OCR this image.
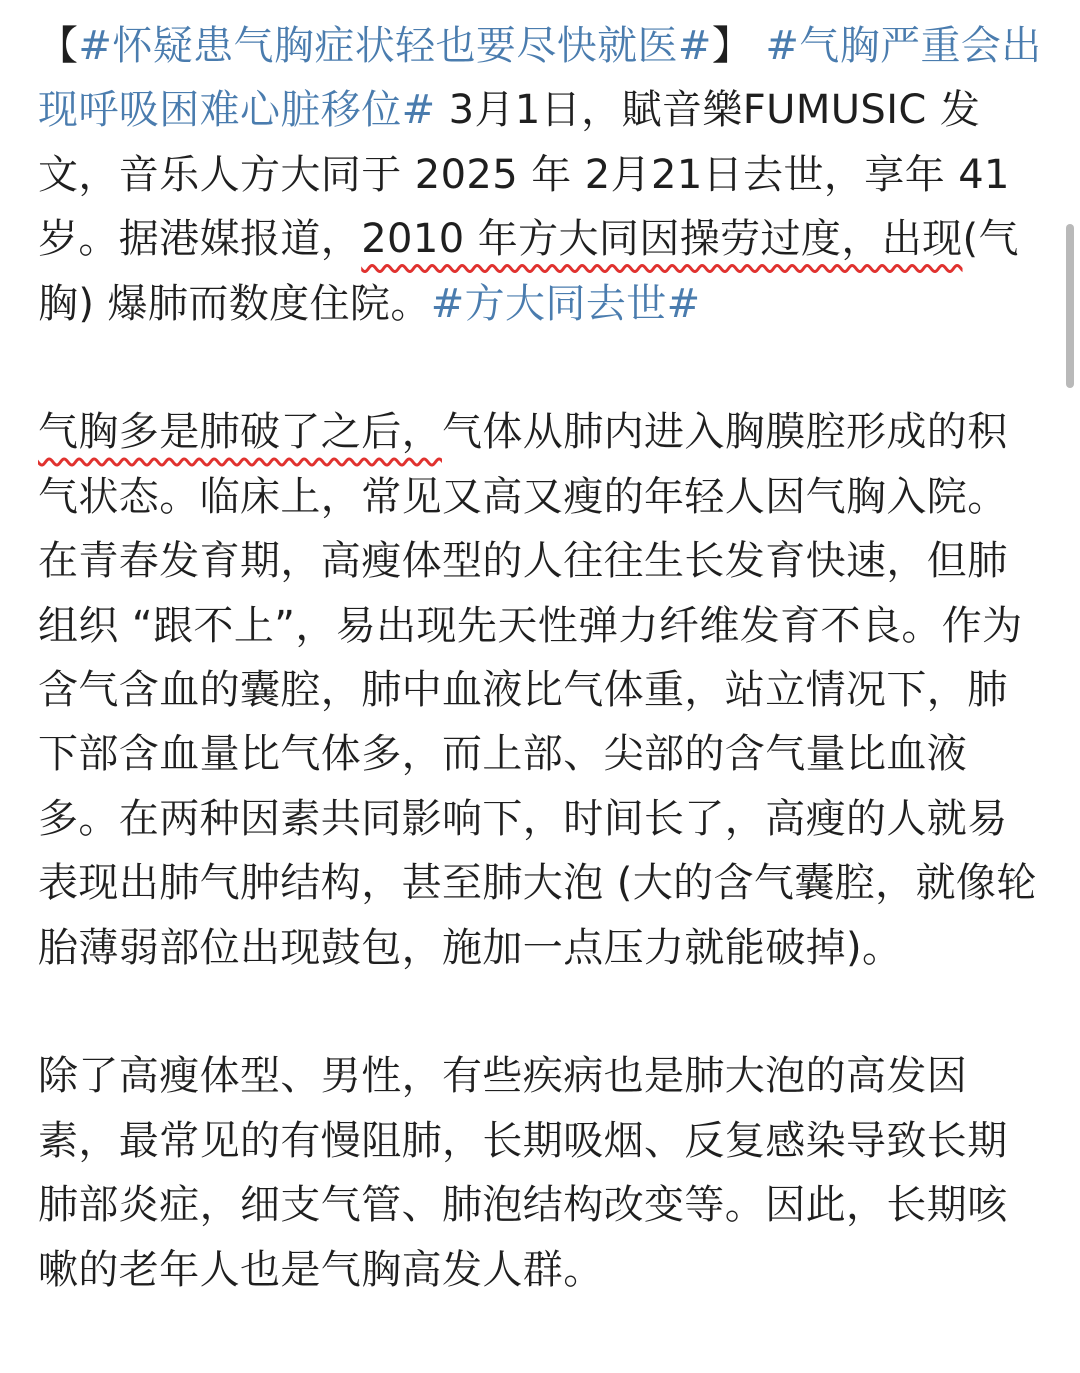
【#怀疑患气胸症状轻也要尽快就医#】 #气胸严重会出现呼吸困难心脏移位# 3月1日，賦音樂FUMUSIC 发文，音乐人方大同于 2025 年 2月21日去世，享年 41 岁。据港媒报道，2010 年方大同因操劳过度，出现(气胸) 爆肺而数度住院。#方大同去世#

气胸多是肺破了之后，气体从肺内进入胸膜腔形成的积气状态。临床上，常见又高又瘦的年轻人因气胸入院。在青春发育期，高瘦体型的人往往生长发育快速，但肺组织 “跟不上”，易出现先天性弹力纤维发育不良。作为含气含血的囊腔，肺中血液比气体重，站立情况下，肺下部含血量比气体多，而上部、尖部的含气量比血液多。在两种因素共同影响下，时间长了，高瘦的人就易表现出肺气肿结构，甚至肺大泡 (大的含气囊腔，就像轮胎薄弱部位出现鼓包，施加一点压力就能破掉)。

除了高瘦体型、男性，有些疾病也是肺大泡的高发因素，最常见的有慢阻肺，长期吸烟、反复感染导致长期肺部炎症，细支气管、肺泡结构改变等。因此，长期咳嗽的老年人也是气胸高发人群。
